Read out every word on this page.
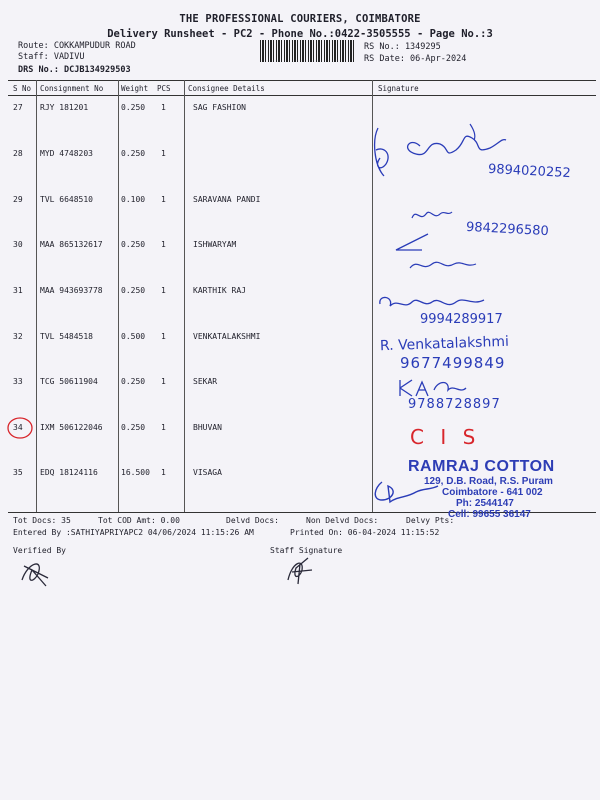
THE PROFESSIONAL COURIERS, COIMBATORE
Delivery Runsheet - PC2 - Phone No.:0422-3505555 - Page No.:3
Route: COKKAMPUDUR ROAD
Staff: VADIVU
DRS No.: DCJB134929503
RS No.: 1349295
RS Date: 06-Apr-2024
S No Consignment No Weight PCS Consignee Details	Signature
27 RJY 181201	0.250 1	SAG FASHION
28 MYD 4748203	0.250 1
29 TVL 6648510	0.100 1	SARAVANA PANDI
30 MAA 865132617 0.250 1	ISHWARYAM
31 MAA 943693778 0.250 1	KARTHIK RAJ
32 TVL 5484518	0.500 1	VENKATALAKSHMI
33 TCG 50611904	0.250 1	SEKAR
34 IXM 506122046 0.250 1	BHUVAN
35 EDQ 18124116	16.500 1	VISAGA
9894020252
9842296580
9994289917
R. Venkatalakshmi
9677499849
9788728897
C I S
RAMRAJ COTTON
129, D.B. Road, R.S. Puram
Coimbatore - 641 002
Ph: 2544147
Cell: 99655 36147
Tot Docs: 35	Tot COD Amt: 0.00	Delvd Docs:	Non Delvd Docs:	Delvy Pts:
Entered By :SATHIYAPRIYAPC2 04/06/2024 11:15:26 AM	Printed On: 06-04-2024 11:15:52
Verified By	Staff Signature
